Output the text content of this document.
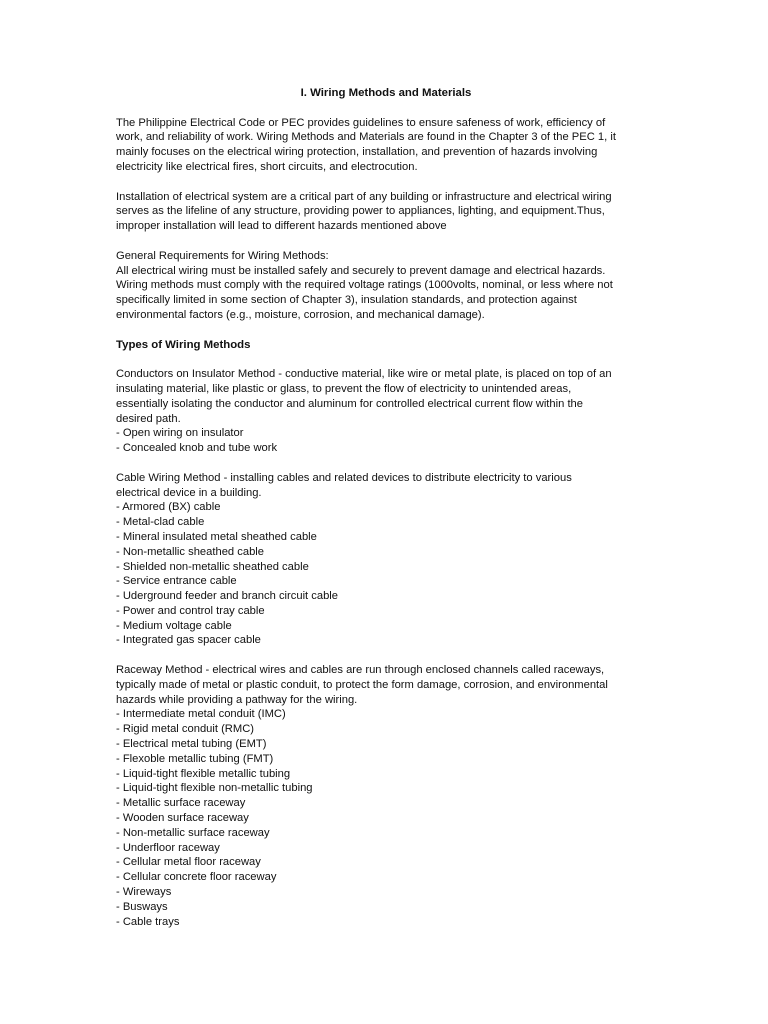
I. Wiring Methods and Materials
The Philippine Electrical Code or PEC provides guidelines to ensure safeness of work, efficiency of
work, and reliability of work. Wiring Methods and Materials are found in the Chapter 3 of the PEC 1, it
mainly focuses on the electrical wiring protection, installation, and prevention of hazards involving
electricity like electrical fires, short circuits, and electrocution.
Installation of electrical system are a critical part of any building or infrastructure and electrical wiring
serves as the lifeline of any structure, providing power to appliances, lighting, and equipment.Thus,
improper installation will lead to different hazards mentioned above
General Requirements for Wiring Methods:
All electrical wiring must be installed safely and securely to prevent damage and electrical hazards.
Wiring methods must comply with the required voltage ratings (1000volts, nominal, or less where not
specifically limited in some section of Chapter 3), insulation standards, and protection against
environmental factors (e.g., moisture, corrosion, and mechanical damage).
Types of Wiring Methods
Conductors on Insulator Method - conductive material, like wire or metal plate, is placed on top of an
insulating material, like plastic or glass, to prevent the flow of electricity to unintended areas,
essentially isolating the conductor and aluminum for controlled electrical current flow within the
desired path.
- Open wiring on insulator
- Concealed knob and tube work
Cable Wiring Method - installing cables and related devices to distribute electricity to various
electrical device in a building.
- Armored (BX) cable
- Metal-clad cable
- Mineral insulated metal sheathed cable
- Non-metallic sheathed cable
- Shielded non-metallic sheathed cable
- Service entrance cable
- Uderground feeder and branch circuit cable
- Power and control tray cable
- Medium voltage cable
- Integrated gas spacer cable
Raceway Method - electrical wires and cables are run through enclosed channels called raceways,
typically made of metal or plastic conduit, to protect the form damage, corrosion, and environmental
hazards while providing a pathway for the wiring.
- Intermediate metal conduit (IMC)
- Rigid metal conduit (RMC)
- Electrical metal tubing (EMT)
- Flexoble metallic tubing (FMT)
- Liquid-tight flexible metallic tubing
- Liquid-tight flexible non-metallic tubing
- Metallic surface raceway
- Wooden surface raceway
- Non-metallic surface raceway
- Underfloor raceway
- Cellular metal floor raceway
- Cellular concrete floor raceway
- Wireways
- Busways
- Cable trays
